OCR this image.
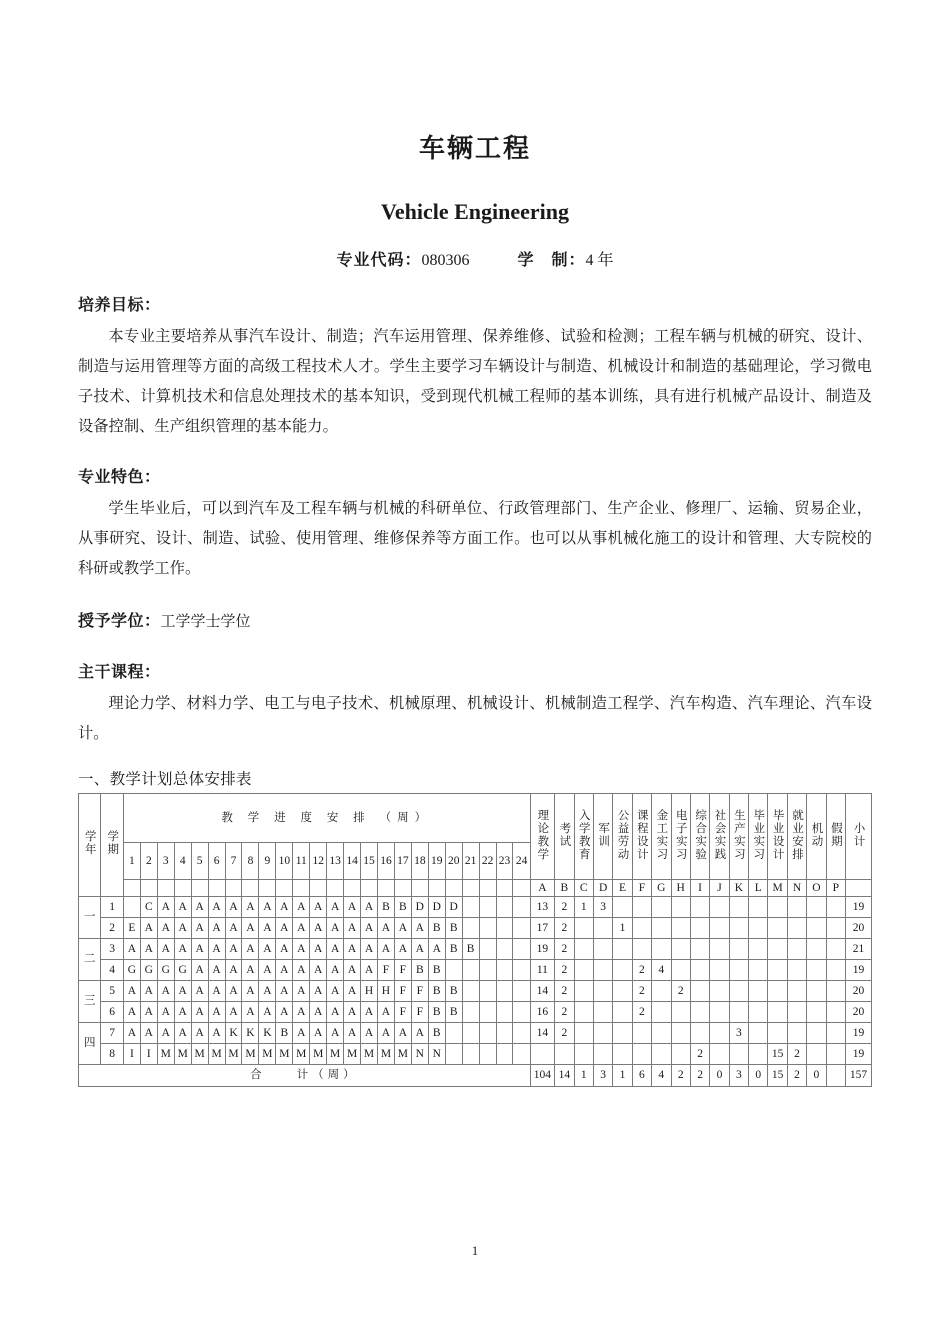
车辆工程
Vehicle Engineering
专业代码：080306	学　制：4 年
培养目标：

本专业主要培养从事汽车设计、制造；汽车运用管理、保养维修、试验和检测；工程车辆与机械的研究、设计、制造与运用管理等方面的高级工程技术人才。学生主要学习车辆设计与制造、机械设计和制造的基础理论，学习微电子技术、计算机技术和信息处理技术的基本知识，受到现代机械工程师的基本训练，具有进行机械产品设计、制造及设备控制、生产组织管理的基本能力。

专业特色：

学生毕业后，可以到汽车及工程车辆与机械的科研单位、行政管理部门、生产企业、修理厂、运输、贸易企业，从事研究、设计、制造、试验、使用管理、维修保养等方面工作。也可以从事机械化施工的设计和管理、大专院校的科研或教学工作。

授予学位：工学学士学位
主干课程：

理论力学、材料力学、电工与电子技术、机械原理、机械设计、机械制造工程学、汽车构造、汽车理论、汽车设计。

一、教学计划总体安排表
学年	学期	教 学 进 度 安 排 （周）																								理论教学	考试	入学教育	军训	公益劳动	课程设计	金工实习	电子实习	综合实验	社会实践	生产实习	毕业实习	毕业设计	就业安排	机动	假期	小计
		1	2	3	4	5	6	7	8	9	10	11	12	13	14	15	16	17	18	19	20	21	22	23	24																	
																										A	B	C	D	E	F	G	H	I	J	K	L	M	N	O	P	
一	1		C	A	A	A	A	A	A	A	A	A	A	A	A	A	B	B	D	D	D					13	2	1	3													19
	2	E	A	A	A	A	A	A	A	A	A	A	A	A	A	A	A	A	A	B	B					17	2			1												20
二	3	A	A	A	A	A	A	A	A	A	A	A	A	A	A	A	A	A	A	A	B	B				19	2															21
	4	G	G	G	G	A	A	A	A	A	A	A	A	A	A	A	F	F	B	B						11	2				2	4										19
三	5	A	A	A	A	A	A	A	A	A	A	A	A	A	A	H	H	F	F	B	B					14	2				2		2									20
	6	A	A	A	A	A	A	A	A	A	A	A	A	A	A	A	A	F	F	B	B					16	2				2											20
四	7	A	A	A	A	A	A	K	K	K	B	A	A	A	A	A	A	A	A	B						14	2									3						19
	8	I	I	M	M	M	M	M	M	M	M	M	M	M	M	M	M	M	N	N														2				15	2			19
合　　计（周）																										104	14	1	3	1	6	4	2	2	0	3	0	15	2	0		157
1
